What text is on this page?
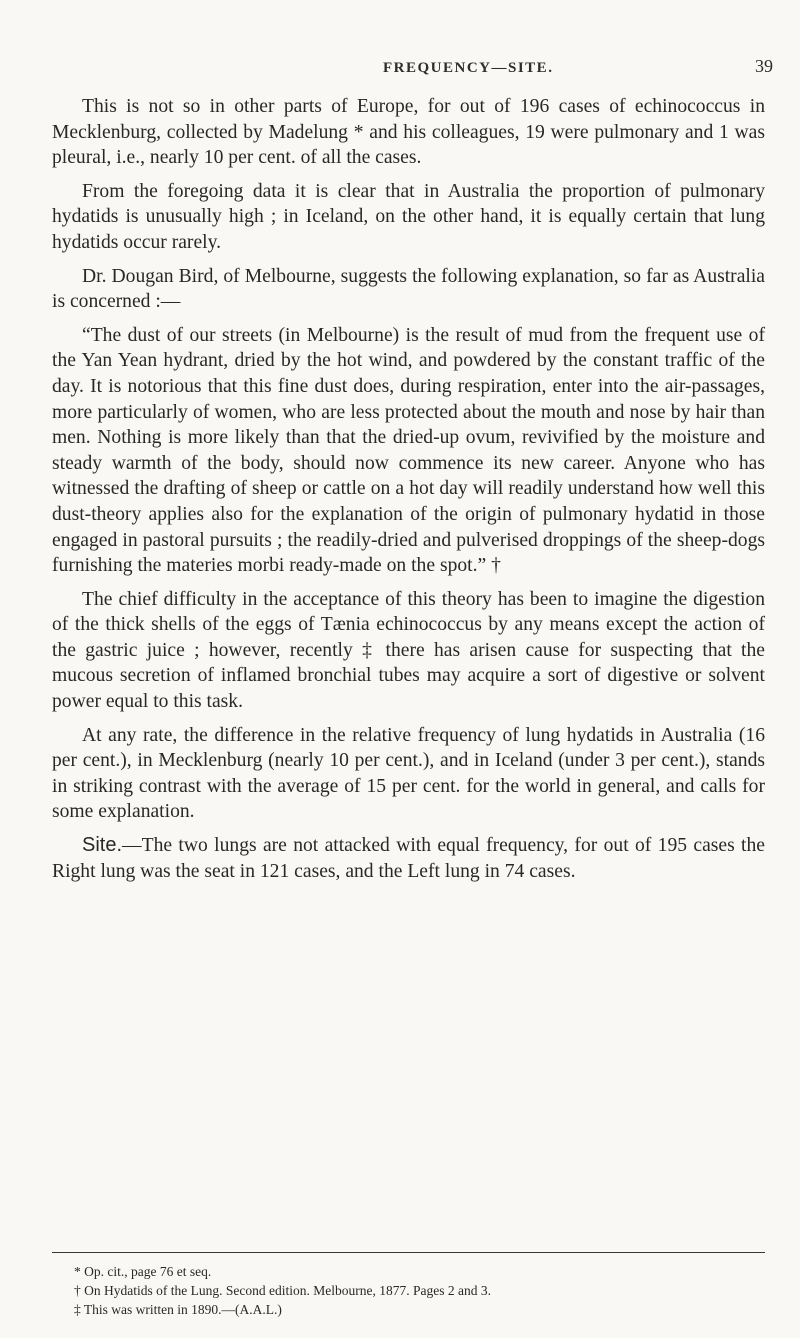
FREQUENCY—SITE.	39

This is not so in other parts of Europe, for out of 196 cases of echinococcus in Mecklenburg, collected by Madelung * and his colleagues, 19 were pulmonary and 1 was pleural, i.e., nearly 10 per cent. of all the cases.

From the foregoing data it is clear that in Australia the proportion of pulmonary hydatids is unusually high ; in Iceland, on the other hand, it is equally certain that lung hydatids occur rarely.

Dr. Dougan Bird, of Melbourne, suggests the following explanation, so far as Australia is concerned :—

“The dust of our streets (in Melbourne) is the result of mud from the frequent use of the Yan Yean hydrant, dried by the hot wind, and powdered by the constant traffic of the day. It is notorious that this fine dust does, during respiration, enter into the air-passages, more particularly of women, who are less protected about the mouth and nose by hair than men. Nothing is more likely than that the dried-up ovum, revivified by the moisture and steady warmth of the body, should now commence its new career. Anyone who has witnessed the drafting of sheep or cattle on a hot day will readily understand how well this dust-theory applies also for the explanation of the origin of pulmonary hydatid in those engaged in pastoral pursuits ; the readily-dried and pulverised droppings of the sheep-dogs furnishing the materies morbi ready-made on the spot.” †

The chief difficulty in the acceptance of this theory has been to imagine the digestion of the thick shells of the eggs of Tænia echinococcus by any means except the action of the gastric juice ; however, recently ‡ there has arisen cause for suspecting that the mucous secretion of inflamed bronchial tubes may acquire a sort of digestive or solvent power equal to this task.

At any rate, the difference in the relative frequency of lung hydatids in Australia (16 per cent.), in Mecklenburg (nearly 10 per cent.), and in Iceland (under 3 per cent.), stands in striking contrast with the average of 15 per cent. for the world in general, and calls for some explanation.

Site.—The two lungs are not attacked with equal frequency, for out of 195 cases the Right lung was the seat in 121 cases, and the Left lung in 74 cases.

* Op. cit., page 76 et seq.

† On Hydatids of the Lung. Second edition. Melbourne, 1877. Pages 2 and 3.

‡ This was written in 1890.—(A.A.L.)
